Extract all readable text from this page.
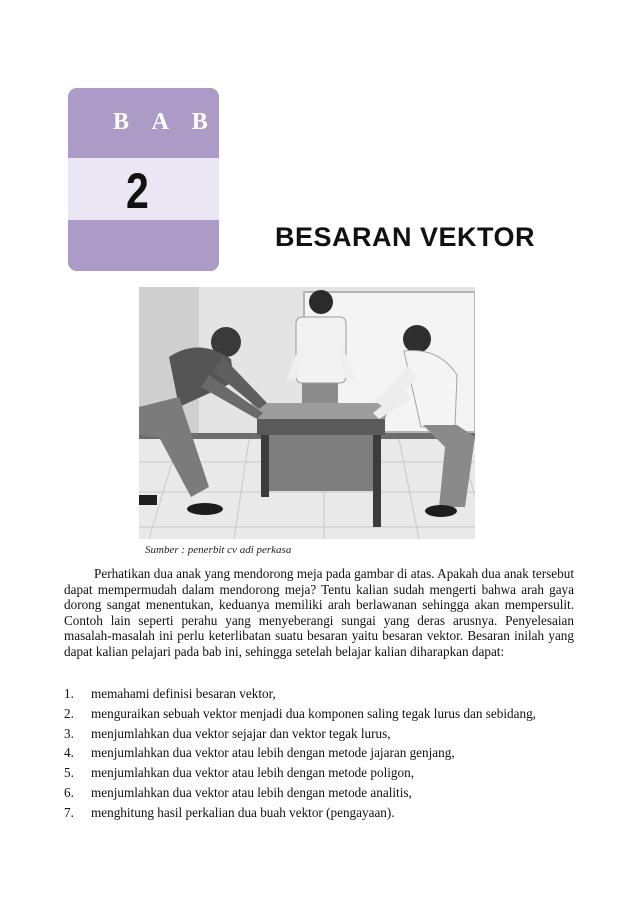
B A B
2
BESARAN VEKTOR
Sumber : penerbit cv adi perkasa

Perhatikan dua anak yang mendorong meja pada gambar di atas. Apakah dua anak tersebut dapat mempermudah dalam mendorong meja? Tentu kalian sudah mengerti bahwa arah gaya dorong sangat menentukan, keduanya memiliki arah berlawanan sehingga akan mempersulit. Contoh lain seperti perahu yang menyeberangi sungai yang deras arusnya. Penyelesaian masalah-masalah ini perlu keterlibatan suatu besaran yaitu besaran vektor. Besaran inilah yang dapat kalian pelajari pada bab ini, sehingga setelah belajar kalian diharapkan dapat:

1. memahami definisi besaran vektor,
2. menguraikan sebuah vektor menjadi dua komponen saling tegak lurus dan sebidang,
3. menjumlahkan dua vektor sejajar dan vektor tegak lurus,
4. menjumlahkan dua vektor atau lebih dengan metode jajaran genjang,
5. menjumlahkan dua vektor atau lebih dengan metode poligon,
6. menjumlahkan dua vektor atau lebih dengan metode analitis,
7. menghitung hasil perkalian dua buah vektor (pengayaan).
